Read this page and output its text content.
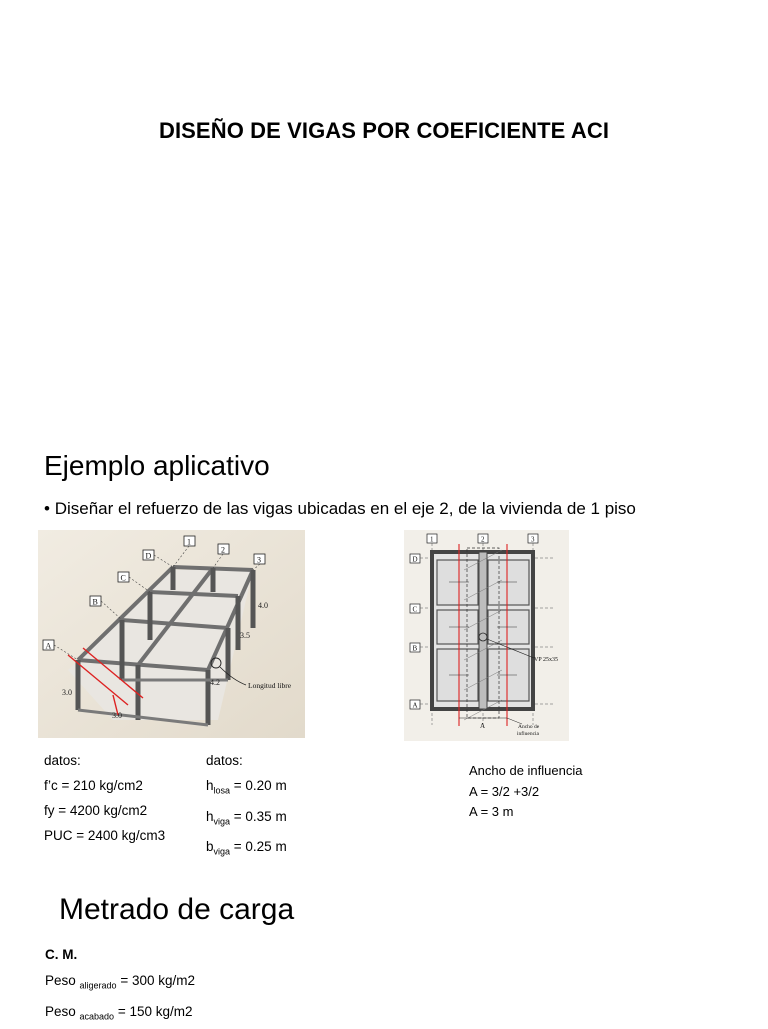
DISEÑO DE VIGAS POR COEFICIENTE ACI
Ejemplo aplicativo
• Diseñar el refuerzo de las vigas ubicadas en el eje 2, de la vivienda de 1 piso
D
C
B
A
1
2
3
4.0
3.5
4.2
3.0
3.0
Longitud libre
1	2	3
D
C
B
A
VP 25x35
A	Ancho de
influencia
datos:
f’c = 210 kg/cm2
fy = 4200 kg/cm2
PUC = 2400 kg/cm3
datos:
$h_{losa} = 0.20$ m
$h_{viga} = 0.35$ m
$b_{viga} = 0.25$ m
Ancho de influencia
A = 3/2 +3/2
A = 3 m
Metrado de carga
C. M.
Peso $_{aligerado}$ = 300 kg/m2
Peso $_{acabado}$ = 150 kg/m2
